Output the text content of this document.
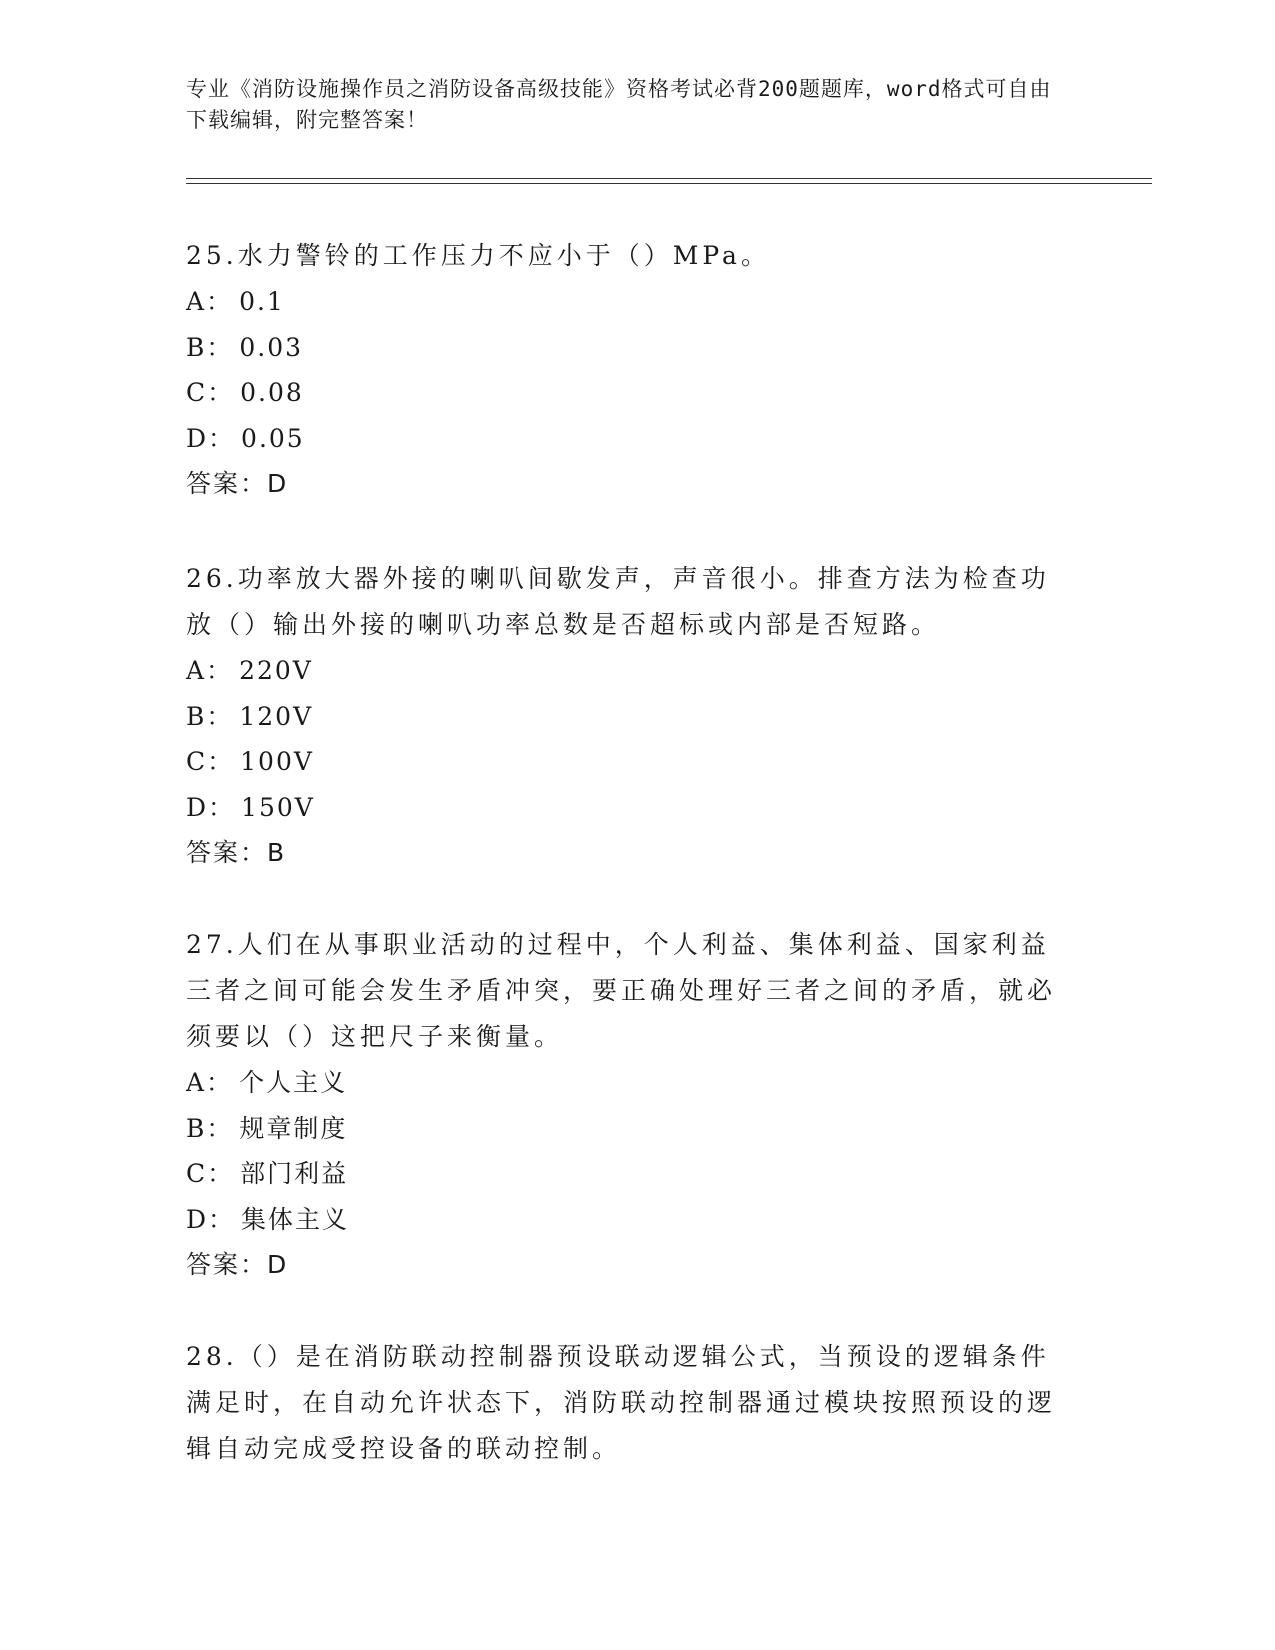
专业《消防设施操作员之消防设备高级技能》资格考试必背200题题库，word格式可自由下载编辑，附完整答案！

25.水力警铃的工作压力不应小于（）MPa。

A： 0.1
B： 0.03
C： 0.08
D： 0.05
答案：D

26.功率放大器外接的喇叭间歇发声，声音很小。排查方法为检查功放（）输出外接的喇叭功率总数是否超标或内部是否短路。

A： 220V
B： 120V
C： 100V
D： 150V
答案：B

27.人们在从事职业活动的过程中，个人利益、集体利益、国家利益三者之间可能会发生矛盾冲突，要正确处理好三者之间的矛盾，就必须要以（）这把尺子来衡量。

A： 个人主义
B： 规章制度
C： 部门利益
D： 集体主义
答案：D

28.（）是在消防联动控制器预设联动逻辑公式，当预设的逻辑条件满足时，在自动允许状态下，消防联动控制器通过模块按照预设的逻辑自动完成受控设备的联动控制。
